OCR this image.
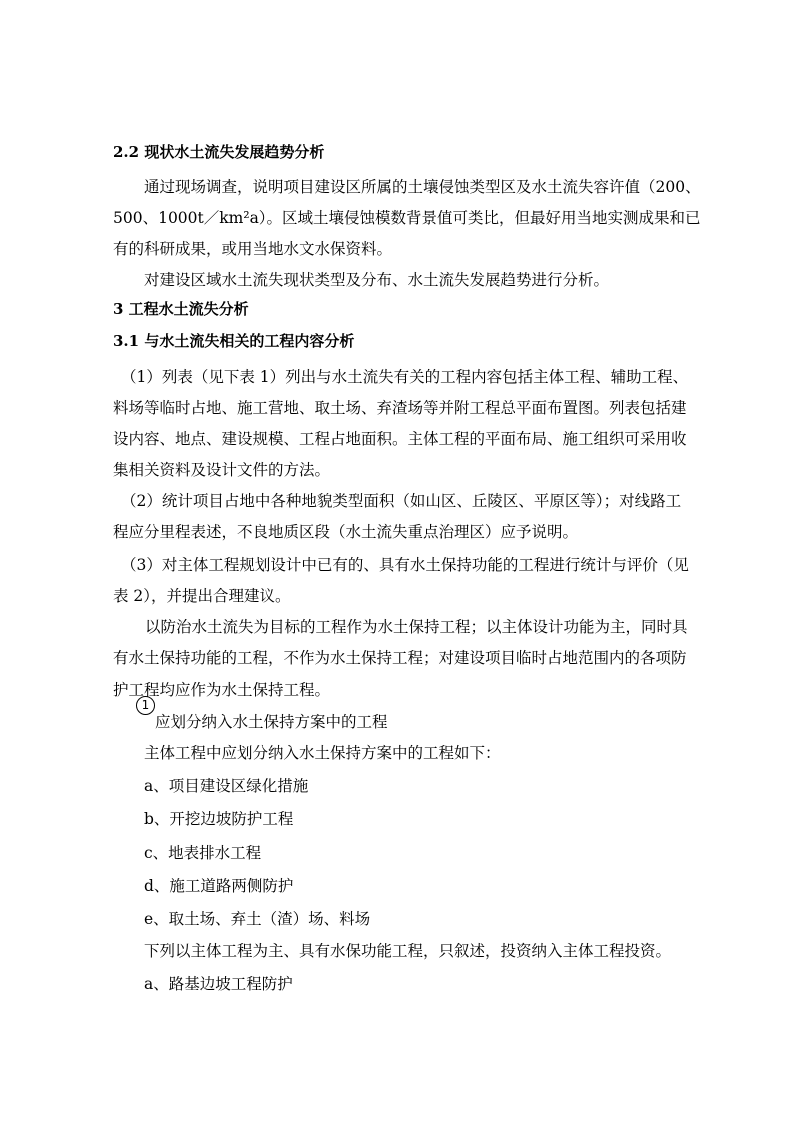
2.2 现状水土流失发展趋势分析
通过现场调查，说明项目建设区所属的土壤侵蚀类型区及水土流失容许值（200、
500、1000t／km²a）。区域土壤侵蚀模数背景值可类比，但最好用当地实测成果和已
有的科研成果，或用当地水文水保资料。
对建设区域水土流失现状类型及分布、水土流失发展趋势进行分析。
3 工程水土流失分析
3.1 与水土流失相关的工程内容分析
（1）列表（见下表 1）列出与水土流失有关的工程内容包括主体工程、辅助工程、
料场等临时占地、施工营地、取土场、弃渣场等并附工程总平面布置图。列表包括建
设内容、地点、建设规模、工程占地面积。主体工程的平面布局、施工组织可采用收
集相关资料及设计文件的方法。
（2）统计项目占地中各种地貌类型面积（如山区、丘陵区、平原区等）；对线路工
程应分里程表述，不良地质区段（水土流失重点治理区）应予说明。
（3）对主体工程规划设计中已有的、具有水土保持功能的工程进行统计与评价（见
表 2），并提出合理建议。
以防治水土流失为目标的工程作为水土保持工程；以主体设计功能为主，同时具
有水土保持功能的工程，不作为水土保持工程；对建设项目临时占地范围内的各项防
护工程均应作为水土保持工程。
1
应划分纳入水土保持方案中的工程
主体工程中应划分纳入水土保持方案中的工程如下：
a、项目建设区绿化措施
b、开挖边坡防护工程
c、地表排水工程
d、施工道路两侧防护
e、取土场、弃土（渣）场、料场
下列以主体工程为主、具有水保功能工程，只叙述，投资纳入主体工程投资。
a、路基边坡工程防护
